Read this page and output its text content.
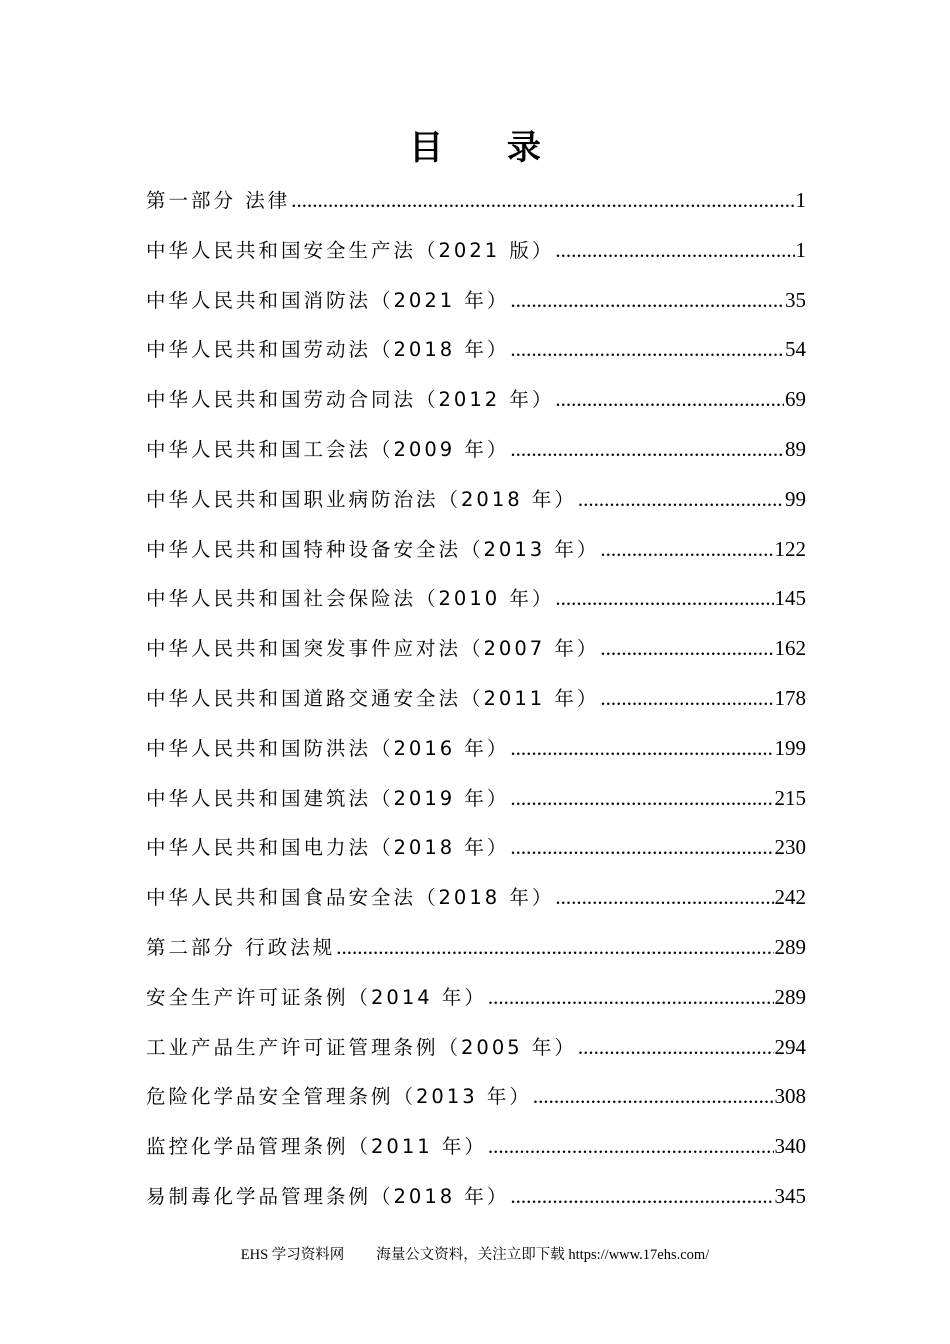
目 录
第一部分 法律 .....	1
中华人民共和国安全生产法（2021 版） .....	1
中华人民共和国消防法（2021 年） .....	35
中华人民共和国劳动法（2018 年） .....	54
中华人民共和国劳动合同法（2012 年） .....	69
中华人民共和国工会法（2009 年） .....	89
中华人民共和国职业病防治法（2018 年） .....	99
中华人民共和国特种设备安全法（2013 年） .....	122
中华人民共和国社会保险法（2010 年） .....	145
中华人民共和国突发事件应对法（2007 年） .....	162
中华人民共和国道路交通安全法（2011 年） .....	178
中华人民共和国防洪法（2016 年） .....	199
中华人民共和国建筑法（2019 年） .....	215
中华人民共和国电力法（2018 年） .....	230
中华人民共和国食品安全法（2018 年） .....	242
第二部分 行政法规 .....	289
安全生产许可证条例（2014 年） .....	289
工业产品生产许可证管理条例（2005 年） .....	294
危险化学品安全管理条例（2013 年） .....	308
监控化学品管理条例（2011 年） .....	340
易制毒化学品管理条例（2018 年） .....	345
EHS 学习资料网 海量公文资料，关注立即下载 https://www.17ehs.com/
